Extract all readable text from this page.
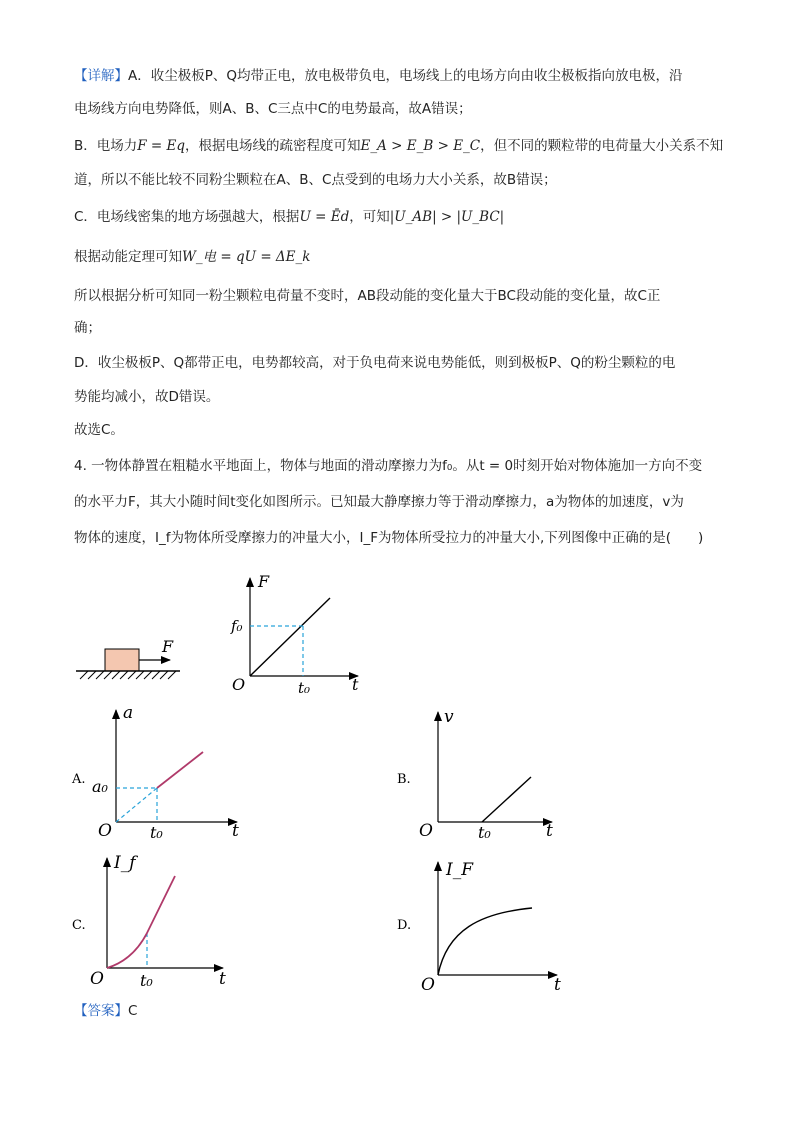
【详解】A．收尘极板P、Q均带正电，放电极带负电，电场线上的电场方向由收尘极板指向放电极，沿
电场线方向电势降低，则A、B、C三点中C的电势最高，故A错误；
B．电场力F = Eq，根据电场线的疏密程度可知E_A > E_B > E_C，但不同的颗粒带的电荷量大小关系不知
道，所以不能比较不同粉尘颗粒在A、B、C点受到的电场力大小关系，故B错误；
C．电场线密集的地方场强越大，根据U = Ēd，可知|U_AB| > |U_BC|
根据动能定理可知W_电 = qU = ΔE_k
所以根据分析可知同一粉尘颗粒电荷量不变时，AB段动能的变化量大于BC段动能的变化量，故C正
确；
D．收尘极板P、Q都带正电，电势都较高，对于负电荷来说电势能低，则到极板P、Q的粉尘颗粒的电
势能均减小，故D错误。
故选C。
4. 一物体静置在粗糙水平地面上，物体与地面的滑动摩擦力为f₀。从t = 0时刻开始对物体施加一方向不变
的水平力F，其大小随时间t变化如图所示。已知最大静摩擦力等于滑动摩擦力，a为物体的加速度，v为
物体的速度，I_f为物体所受摩擦力的冲量大小，I_F为物体所受拉力的冲量大小,下列图像中正确的是(　　)
F
F
t
O
f₀
t₀
a
t
O
a₀
t₀
A.
v
t
O	t₀
B.
I_f
t
O t₀
C.
I_F
t
O
D.
【答案】C
